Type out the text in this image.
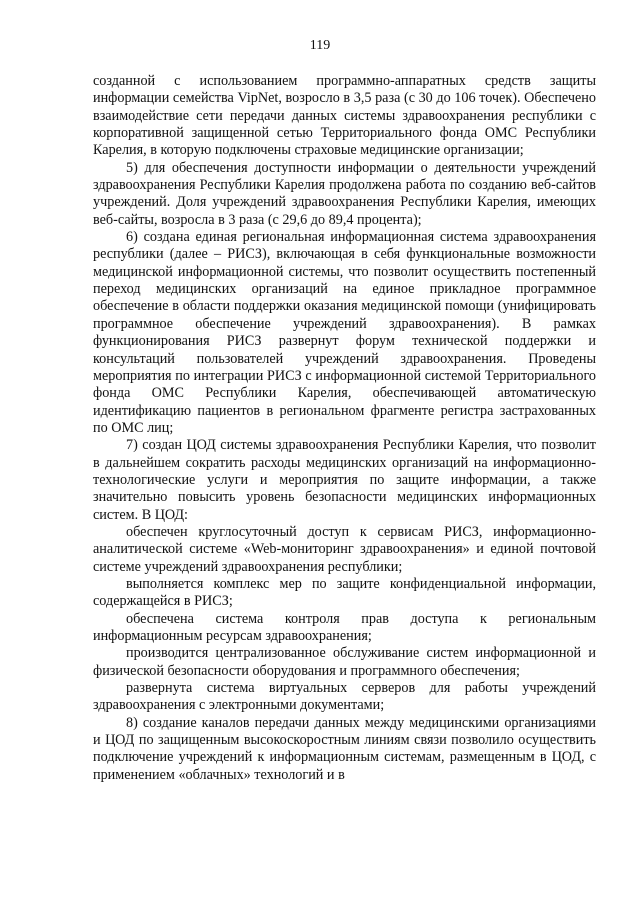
119

созданной с использованием программно-аппаратных средств защиты информации семейства VipNet, возросло в 3,5 раза (с 30 до 106 точек). Обеспечено взаимодействие сети передачи данных системы здравоохранения республики с корпоративной защищенной сетью Территориального фонда ОМС Республики Карелия, в которую подключены страховые медицинские организации;

5) для обеспечения доступности информации о деятельности учреждений здравоохранения Республики Карелия продолжена работа по созданию веб-сайтов учреждений. Доля учреждений здравоохранения Республики Карелия, имеющих веб-сайты, возросла в 3 раза (с 29,6 до 89,4 процента);

6) создана единая региональная информационная система здравоохранения республики (далее – РИСЗ), включающая в себя функциональные возможности медицинской информационной системы, что позволит осуществить постепенный переход медицинских организаций на единое прикладное программное обеспечение в области поддержки оказания медицинской помощи (унифицировать программное обеспечение учреждений здравоохранения). В рамках функционирования РИСЗ развернут форум технической поддержки и консультаций пользователей учреждений здравоохранения. Проведены мероприятия по интеграции РИСЗ с информационной системой Территориального фонда ОМС Республики Карелия, обеспечивающей автоматическую идентификацию пациентов в региональном фрагменте регистра застрахованных по ОМС лиц;

7) создан ЦОД системы здравоохранения Республики Карелия, что позволит в дальнейшем сократить расходы медицинских организаций на информационно-технологические услуги и мероприятия по защите информации, а также значительно повысить уровень безопасности медицинских информационных систем. В ЦОД:

обеспечен круглосуточный доступ к сервисам РИСЗ, информационно-аналитической системе «Web-мониторинг здравоохранения» и единой почтовой системе учреждений здравоохранения республики;

выполняется комплекс мер по защите конфиденциальной информации, содержащейся в РИСЗ;

обеспечена система контроля прав доступа к региональным информационным ресурсам здравоохранения;

производится централизованное обслуживание систем информационной и физической безопасности оборудования и программного обеспечения;

развернута система виртуальных серверов для работы учреждений здравоохранения с электронными документами;

8) создание каналов передачи данных между медицинскими организациями и ЦОД по защищенным высокоскоростным линиям связи позволило осуществить подключение учреждений к информационным системам, размещенным в ЦОД, с применением «облачных» технологий и в
